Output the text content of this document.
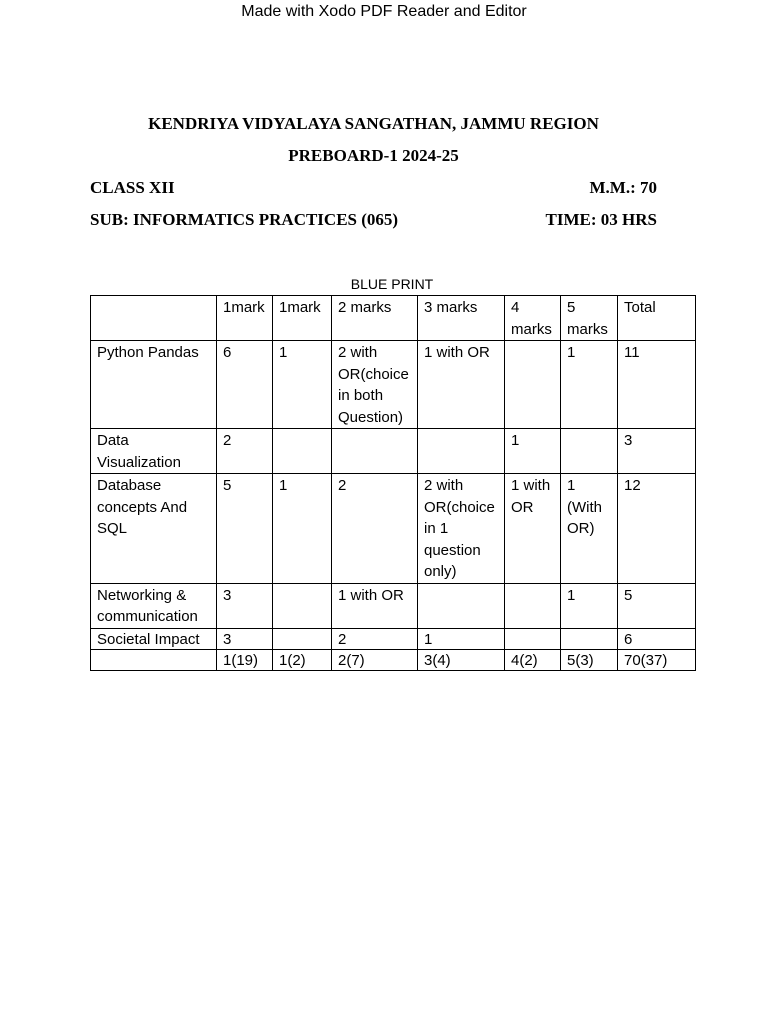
Made with Xodo PDF Reader and Editor
KENDRIYA VIDYALAYA SANGATHAN, JAMMU REGION
PREBOARD-1 2024-25
CLASS XII	M.M.: 70
SUB: INFORMATICS PRACTICES (065)	TIME: 03 HRS
BLUE PRINT
	1mark	1mark	2 marks	3 marks	4 marks	5 marks	Total
Python Pandas	6	1	2 with OR(choice in both Question)	1 with OR		1	11
Data Visualization	2				1		3
Database concepts And SQL	5	1	2	2 with OR(choice in 1 question only)	1 with OR	1 (With OR)	12
Networking & communication	3		1 with OR			1	5
Societal Impact	3		2	1			6
	1(19)	1(2)	2(7)	3(4)	4(2)	5(3)	70(37)
